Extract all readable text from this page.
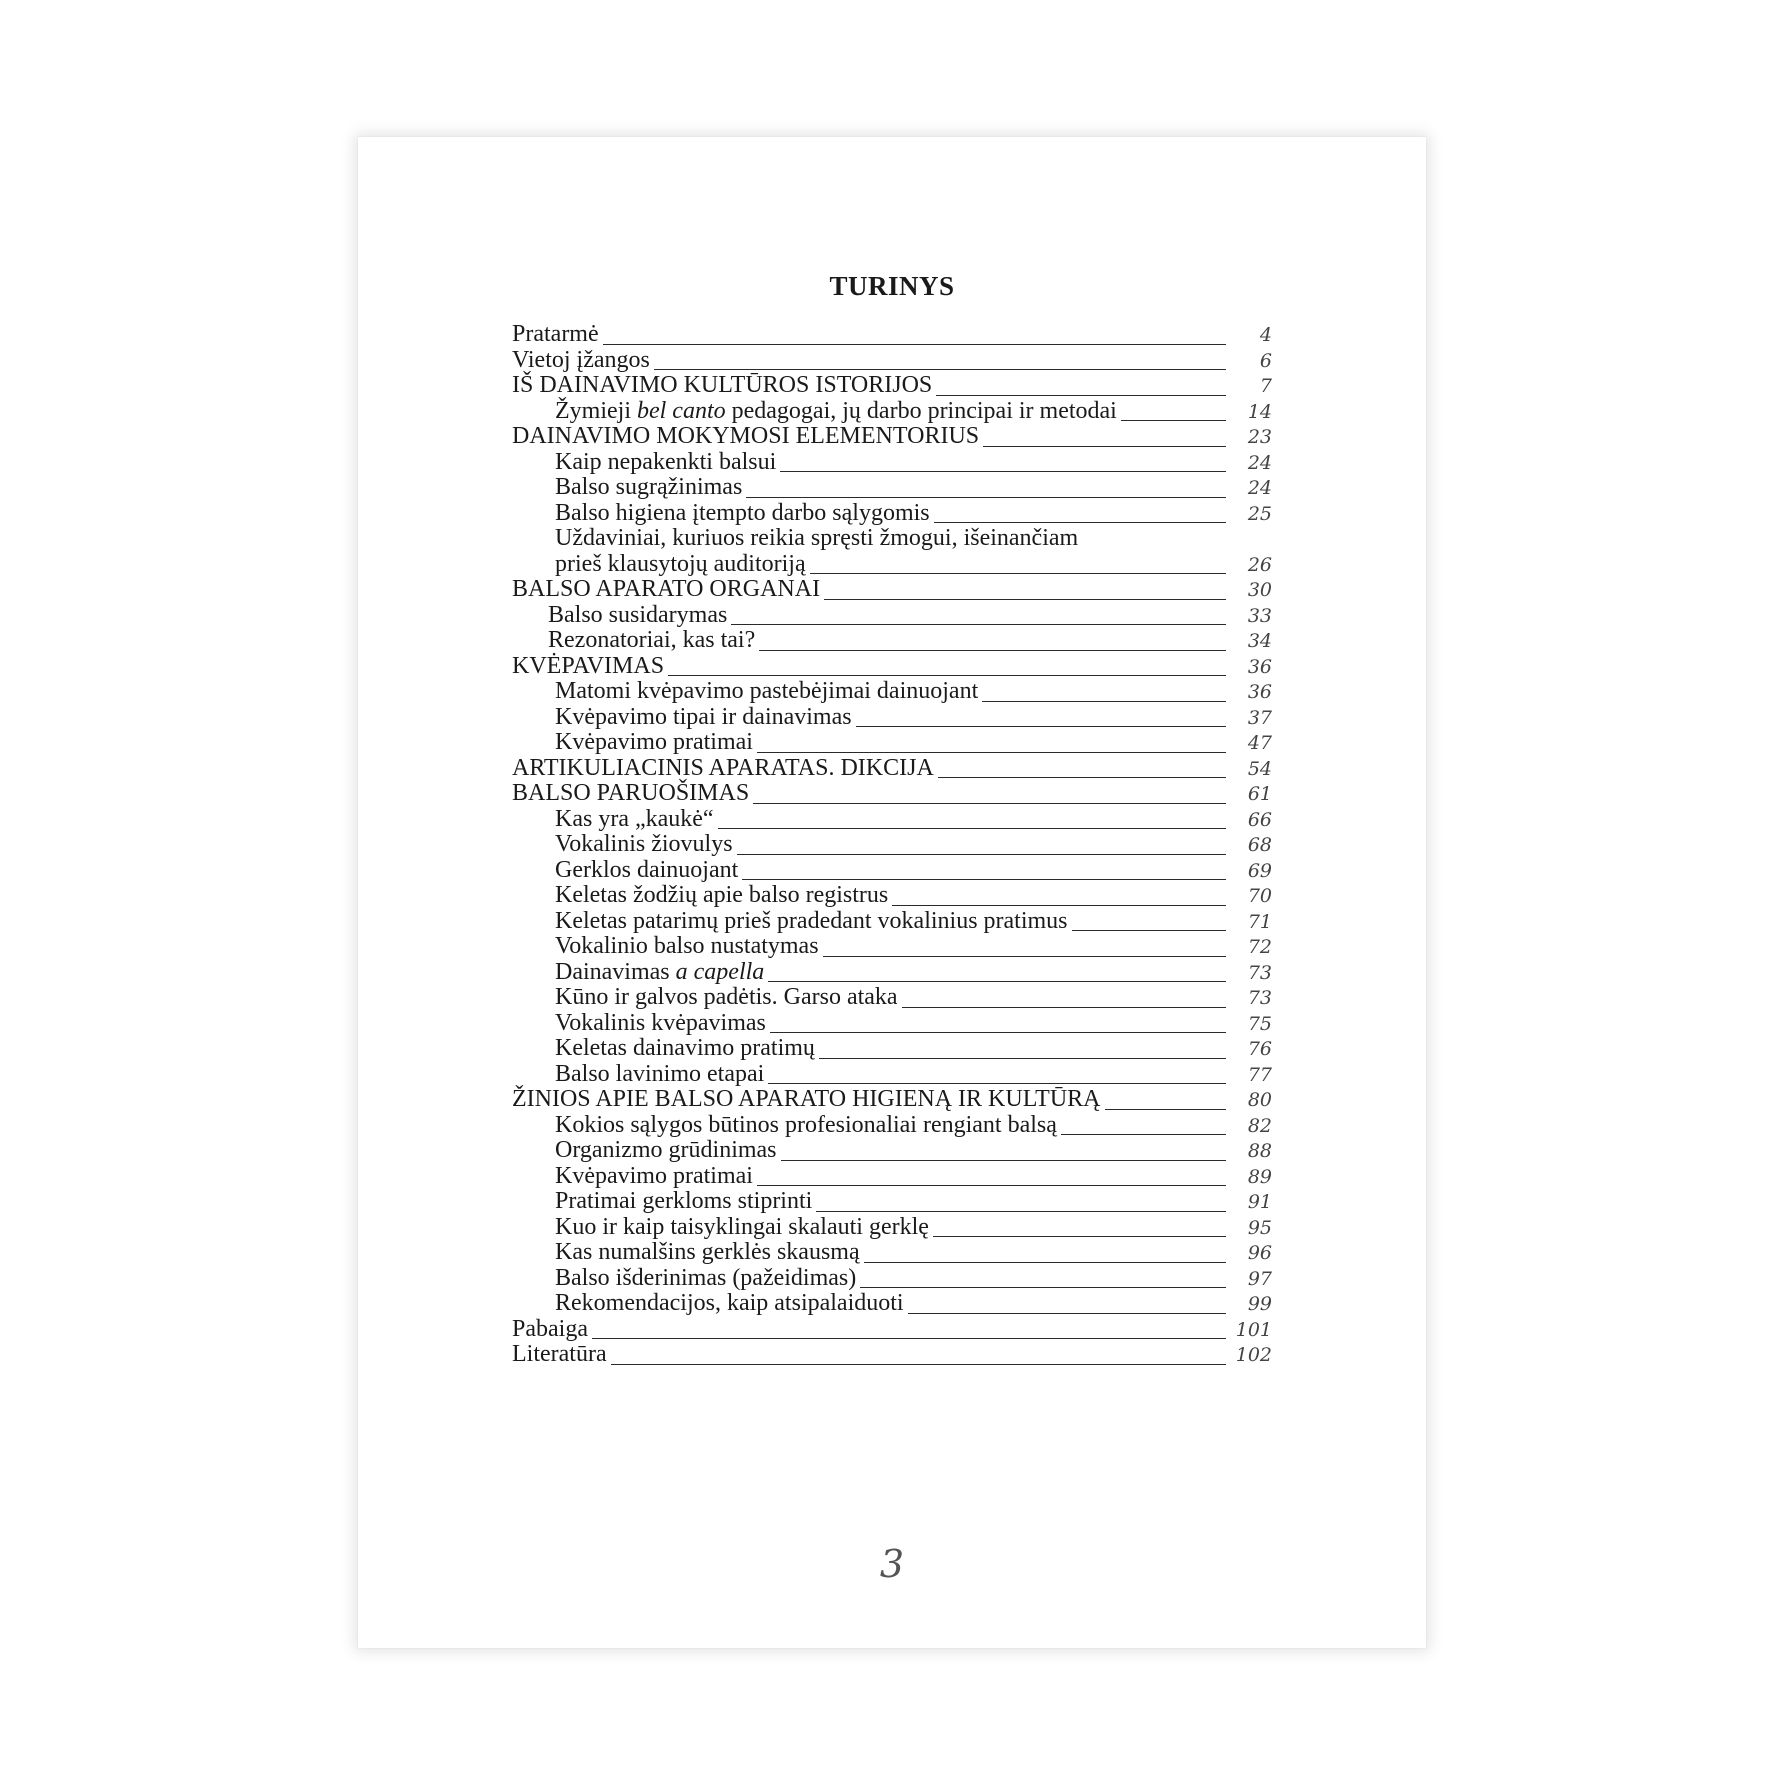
TURINYS
Pratarmė	4
Vietoj įžangos	6
IŠ DAINAVIMO KULTŪROS ISTORIJOS	7
Žymieji bel canto pedagogai, jų darbo principai ir metodai	14
DAINAVIMO MOKYMOSI ELEMENTORIUS	23
Kaip nepakenkti balsui	24
Balso sugrąžinimas	24
Balso higiena įtempto darbo sąlygomis	25
Uždaviniai, kuriuos reikia spręsti žmogui, išeinančiam
prieš klausytojų auditoriją	26
BALSO APARATO ORGANAI	30
Balso susidarymas	33
Rezonatoriai, kas tai?	34
KVĖPAVIMAS	36
Matomi kvėpavimo pastebėjimai dainuojant	36
Kvėpavimo tipai ir dainavimas	37
Kvėpavimo pratimai	47
ARTIKULIACINIS APARATAS. DIKCIJA	54
BALSO PARUOŠIMAS	61
Kas yra „kaukė“	66
Vokalinis žiovulys	68
Gerklos dainuojant	69
Keletas žodžių apie balso registrus	70
Keletas patarimų prieš pradedant vokalinius pratimus	71
Vokalinio balso nustatymas	72
Dainavimas a capella	73
Kūno ir galvos padėtis. Garso ataka	73
Vokalinis kvėpavimas	75
Keletas dainavimo pratimų	76
Balso lavinimo etapai	77
ŽINIOS APIE BALSO APARATO HIGIENĄ IR KULTŪRĄ	80
Kokios sąlygos būtinos profesionaliai rengiant balsą	82
Organizmo grūdinimas	88
Kvėpavimo pratimai	89
Pratimai gerkloms stiprinti	91
Kuo ir kaip taisyklingai skalauti gerklę	95
Kas numalšins gerklės skausmą	96
Balso išderinimas (pažeidimas)	97
Rekomendacijos, kaip atsipalaiduoti	99
Pabaiga	101
Literatūra	102
3
